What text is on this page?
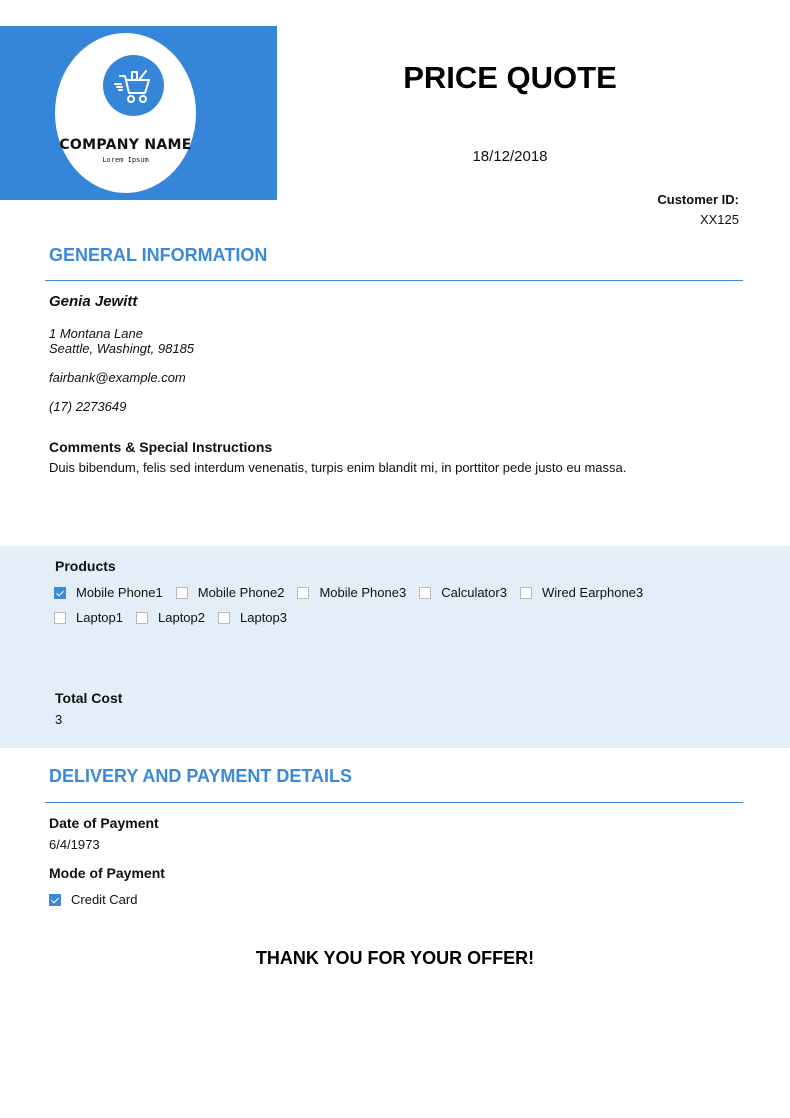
COMPANY NAME
Lorem Ipsum
PRICE QUOTE
18/12/2018
Customer ID:
XX125
GENERAL INFORMATION
Genia Jewitt
1 Montana Lane
Seattle, Washingt, 98185
fairbank@example.com
(17) 2273649
Comments & Special Instructions
Duis bibendum, felis sed interdum venenatis, turpis enim blandit mi, in porttitor pede justo eu massa.
Products
Mobile Phone1	Mobile Phone2	Mobile Phone3	Calculator3	Wired Earphone3
Laptop1	Laptop2	Laptop3
Total Cost
3
DELIVERY AND PAYMENT DETAILS
Date of Payment
6/4/1973
Mode of Payment
Credit Card
THANK YOU FOR YOUR OFFER!
